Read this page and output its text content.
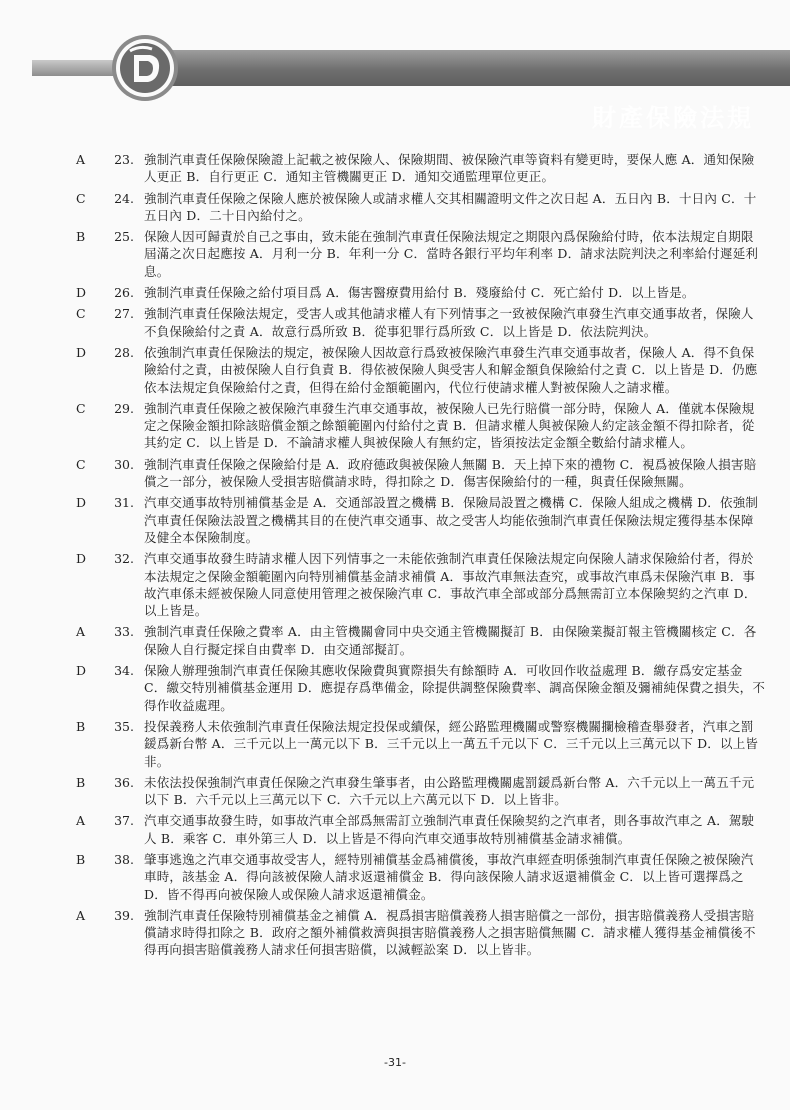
財產保險法規
A	23. 強制汽車責任保險保險證上記載之被保險人、保險期間、被保險汽車等資料有變更時，要保人應 A．通知保險人更正 B．自行更正 C．通知主管機關更正 D．通知交通監理單位更正。
C	24. 強制汽車責任保險之保險人應於被保險人或請求權人交其相關證明文件之次日起 A．五日內 B．十日內 C．十五日內 D．二十日內給付之。
B	25. 保險人因可歸責於自己之事由，致未能在強制汽車責任保險法規定之期限內爲保險給付時，依本法規定自期限屆滿之次日起應按 A．月利一分 B．年利一分 C．當時各銀行平均年利率 D．請求法院判決之利率給付遲延利息。
D	26. 強制汽車責任保險之給付項目爲 A．傷害醫療費用給付 B．殘廢給付 C．死亡給付 D．以上皆是。
C	27. 強制汽車責任保險法規定，受害人或其他請求權人有下列情事之一致被保險汽車發生汽車交通事故者，保險人不負保險給付之責 A．故意行爲所致 B．從事犯罪行爲所致 C．以上皆是 D．依法院判決。
D	28. 依強制汽車責任保險法的規定，被保險人因故意行爲致被保險汽車發生汽車交通事故者，保險人 A．得不負保險給付之責，由被保險人自行負責 B．得依被保險人與受害人和解金額負保險給付之責 C．以上皆是 D．仍應依本法規定負保險給付之責，但得在給付金額範圍內，代位行使請求權人對被保險人之請求權。
C	29. 強制汽車責任保險之被保險汽車發生汽車交通事故，被保險人已先行賠償一部分時，保險人 A．僅就本保險規定之保險金額扣除該賠償金額之餘額範圍內付給付之責 B．但請求權人與被保險人約定該金額不得扣除者，從其約定 C．以上皆是 D．不論請求權人與被保險人有無約定，皆須按法定金額全數給付請求權人。
C	30. 強制汽車責任保險之保險給付是 A．政府德政與被保險人無關 B．天上掉下來的禮物 C．視爲被保險人損害賠償之一部分，被保險人受損害賠償請求時，得扣除之 D．傷害保險給付的一種，與責任保險無關。
D	31. 汽車交通事故特別補償基金是 A．交通部設置之機構 B．保險局設置之機構 C．保險人組成之機構 D．依強制汽車責任保險法設置之機構其目的在使汽車交通事、故之受害人均能依強制汽車責任保險法規定獲得基本保障及健全本保險制度。
D	32. 汽車交通事故發生時請求權人因下列情事之一未能依強制汽車責任保險法規定向保險人請求保險給付者，得於本法規定之保險金額範圍內向特別補償基金請求補償 A．事故汽車無法查究，或事故汽車爲未保險汽車 B．事故汽車係未經被保險人同意使用管理之被保險汽車 C．事故汽車全部或部分爲無需訂立本保險契約之汽車 D．以上皆是。
A	33. 強制汽車責任保險之費率 A．由主管機關會同中央交通主管機關擬訂 B．由保險業擬訂報主管機關核定 C．各保險人自行擬定採自由費率 D．由交通部擬訂。
D	34. 保險人辦理強制汽車責任保險其應收保險費與實際損失有餘額時 A．可收回作收益處理 B．繳存爲安定基金 C．繳交特別補償基金運用 D．應提存爲準備金，除提供調整保險費率、調高保險金額及彌補純保費之損失，不得作收益處理。
B	35. 投保義務人未依強制汽車責任保險法規定投保或續保，經公路監理機關或警察機關攔檢稽查舉發者，汽車之罰鍰爲新台幣 A．三千元以上一萬元以下 B．三千元以上一萬五千元以下 C．三千元以上三萬元以下 D．以上皆非。
B	36. 未依法投保強制汽車責任保險之汽車發生肇事者，由公路監理機關處罰鍰爲新台幣 A．六千元以上一萬五千元以下 B．六千元以上三萬元以下 C．六千元以上六萬元以下 D．以上皆非。
A	37. 汽車交通事故發生時，如事故汽車全部爲無需訂立強制汽車責任保險契約之汽車者，則各事故汽車之 A．駕駛人 B．乘客 C．車外第三人 D．以上皆是不得向汽車交通事故特別補償基金請求補償。
B	38. 肇事逃逸之汽車交通事故受害人，經特別補償基金爲補償後，事故汽車經查明係強制汽車責任保險之被保險汽車時，該基金 A．得向該被保險人請求返還補償金 B．得向該保險人請求返還補償金 C．以上皆可選擇爲之 D．皆不得再向被保險人或保險人請求返還補償金。
A	39. 強制汽車責任保險特別補償基金之補償 A．視爲損害賠償義務人損害賠償之一部份，損害賠償義務人受損害賠償請求時得扣除之 B．政府之額外補償救濟與損害賠償義務人之損害賠償無關 C．請求權人獲得基金補償後不得再向損害賠償義務人請求任何損害賠償，以減輕訟案 D．以上皆非。
-31-
